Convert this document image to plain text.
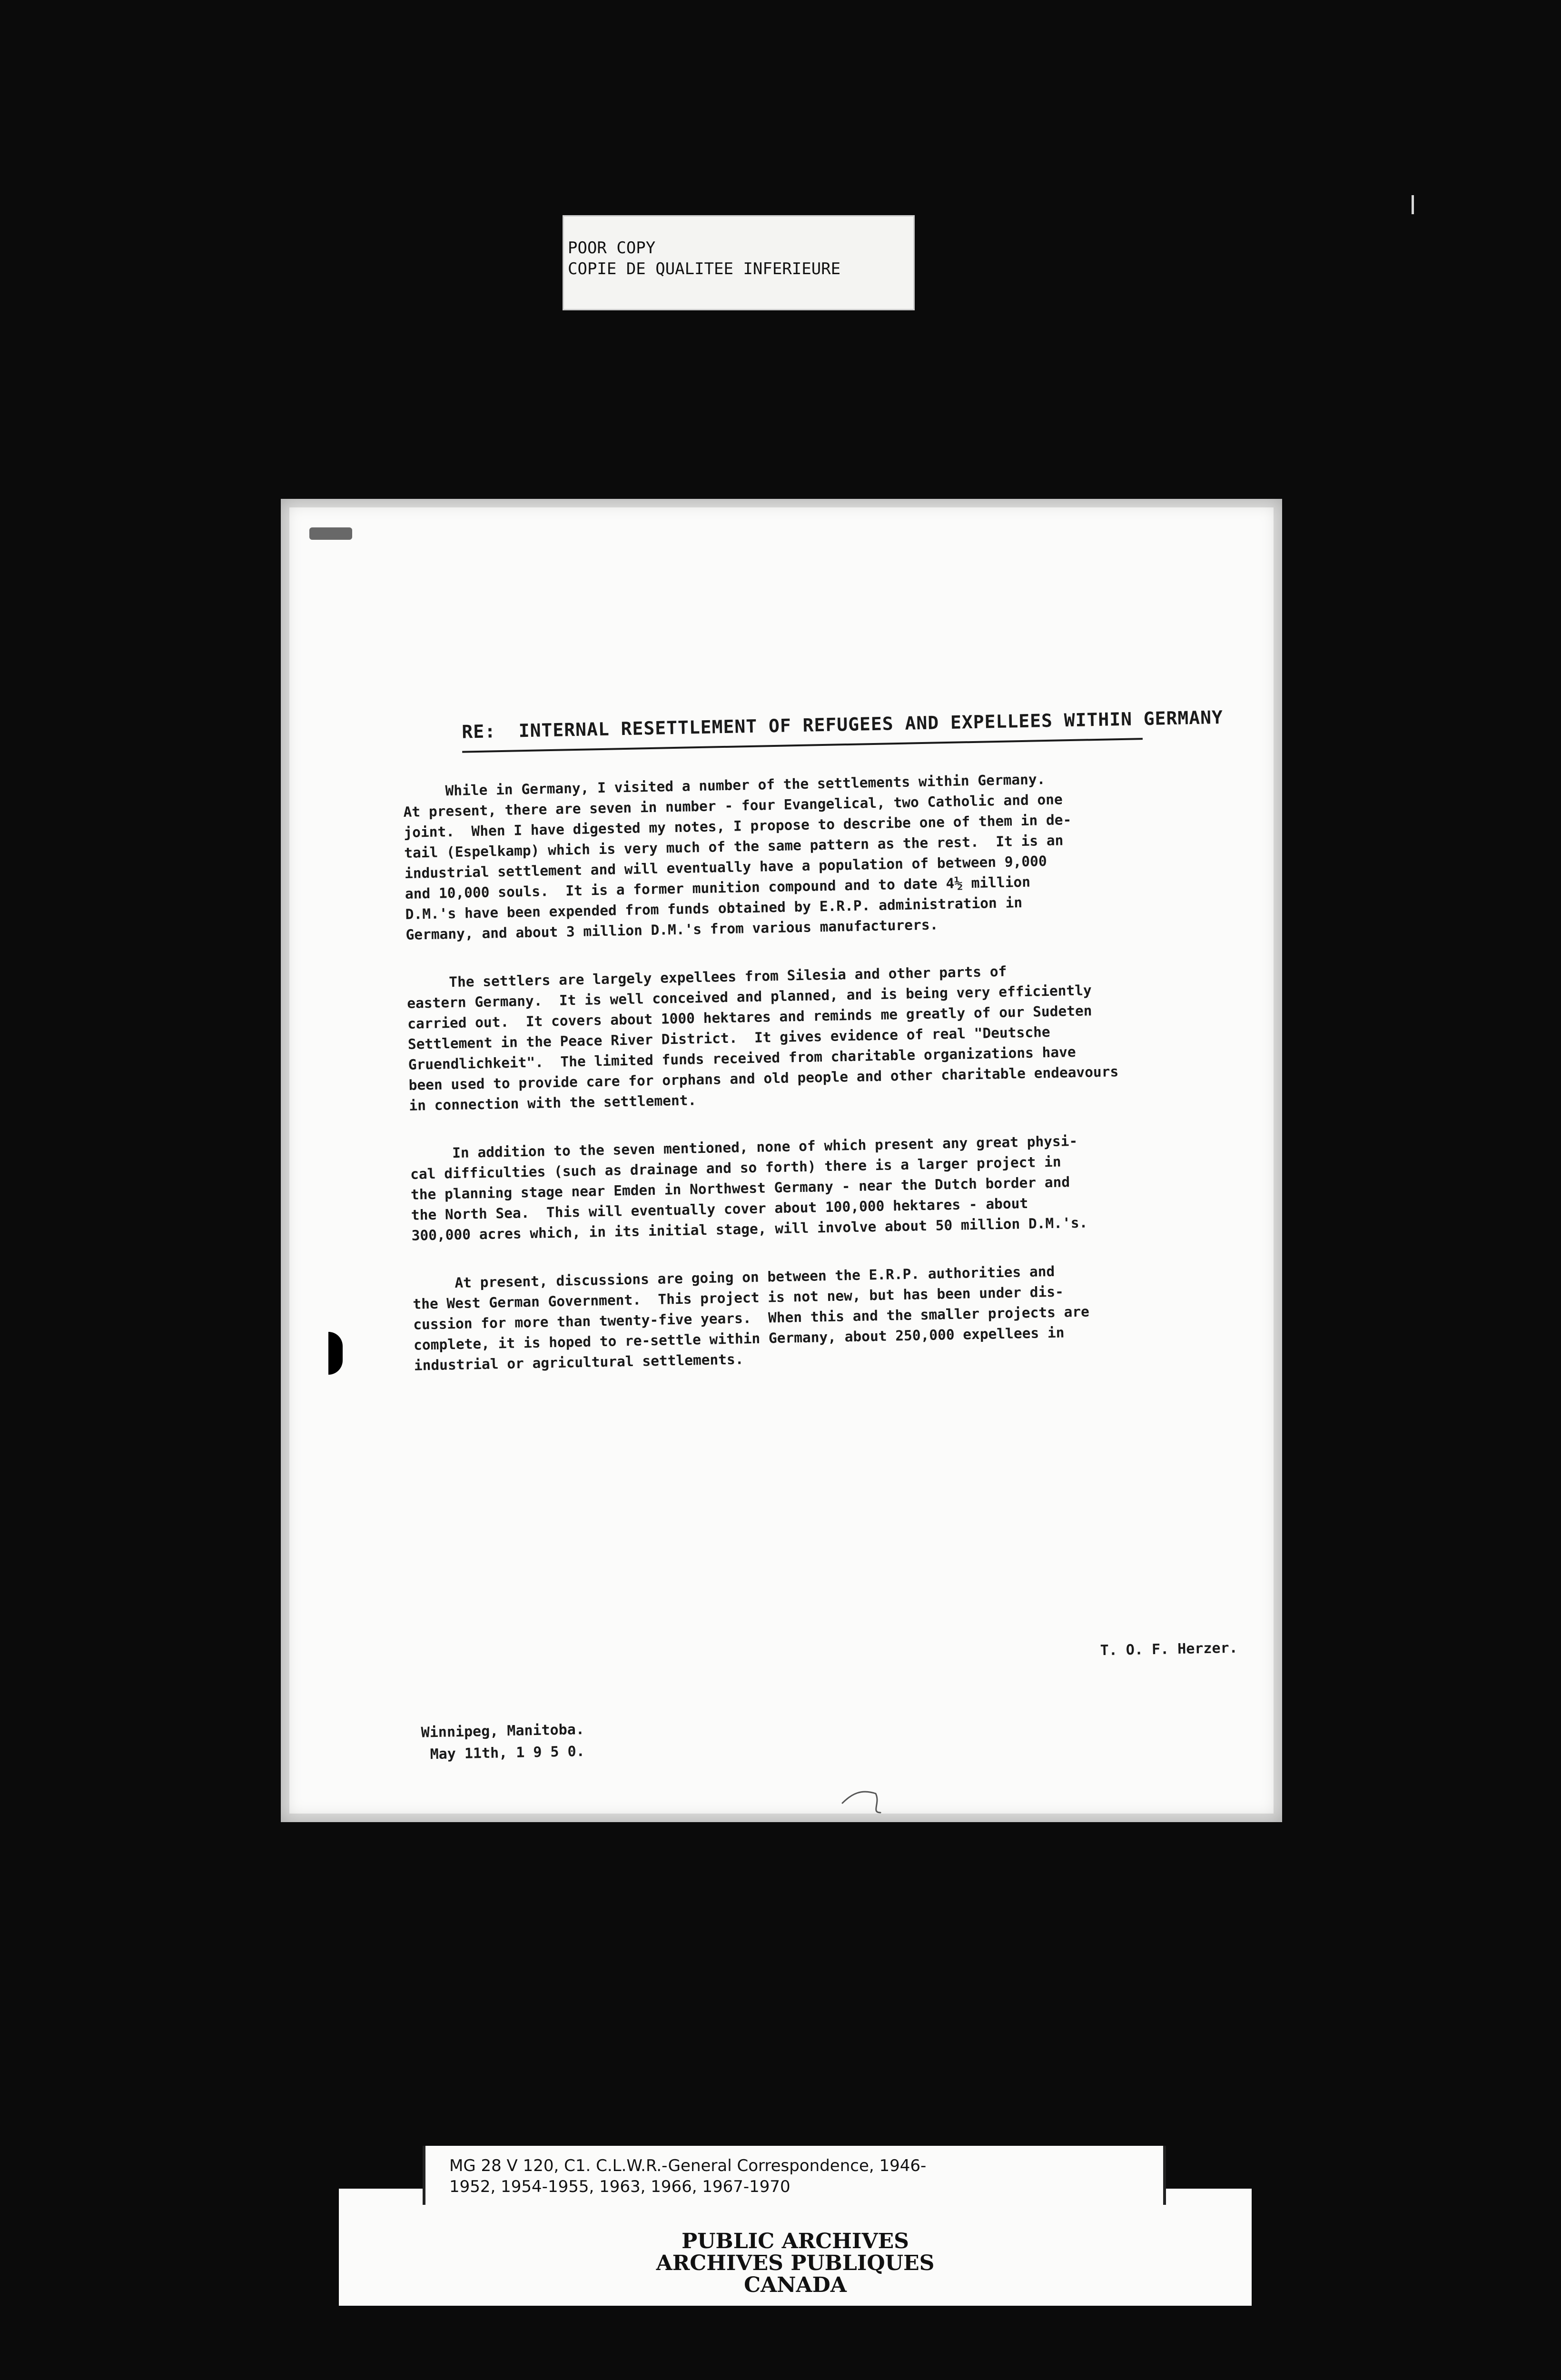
POOR COPY
COPIE DE QUALITEE INFERIEURE
RE:  INTERNAL RESETTLEMENT OF REFUGEES AND EXPELLEES WITHIN GERMANY
While in Germany, I visited a number of the settlements within Germany.
At present, there are seven in number - four Evangelical, two Catholic and one
joint.  When I have digested my notes, I propose to describe one of them in de-
tail (Espelkamp) which is very much of the same pattern as the rest.  It is an
industrial settlement and will eventually have a population of between 9,000
and 10,000 souls.  It is a former munition compound and to date 4½ million
D.M.'s have been expended from funds obtained by E.R.P. administration in
Germany, and about 3 million D.M.'s from various manufacturers.
The settlers are largely expellees from Silesia and other parts of
eastern Germany.  It is well conceived and planned, and is being very efficiently
carried out.  It covers about 1000 hektares and reminds me greatly of our Sudeten
Settlement in the Peace River District.  It gives evidence of real "Deutsche
Gruendlichkeit".  The limited funds received from charitable organizations have
been used to provide care for orphans and old people and other charitable endeavours
in connection with the settlement.
In addition to the seven mentioned, none of which present any great physi-
cal difficulties (such as drainage and so forth) there is a larger project in
the planning stage near Emden in Northwest Germany - near the Dutch border and
the North Sea.  This will eventually cover about 100,000 hektares - about
300,000 acres which, in its initial stage, will involve about 50 million D.M.'s.
At present, discussions are going on between the E.R.P. authorities and
the West German Government.  This project is not new, but has been under dis-
cussion for more than twenty-five years.  When this and the smaller projects are
complete, it is hoped to re-settle within Germany, about 250,000 expellees in
industrial or agricultural settlements.
T. O. F. Herzer.
Winnipeg, Manitoba.
May 11th, 1 9 5 0.
MG 28 V 120, C1. C.L.W.R.-General Correspondence, 1946-
1952, 1954-1955, 1963, 1966, 1967-1970
PUBLIC ARCHIVES
ARCHIVES PUBLIQUES
CANADA
